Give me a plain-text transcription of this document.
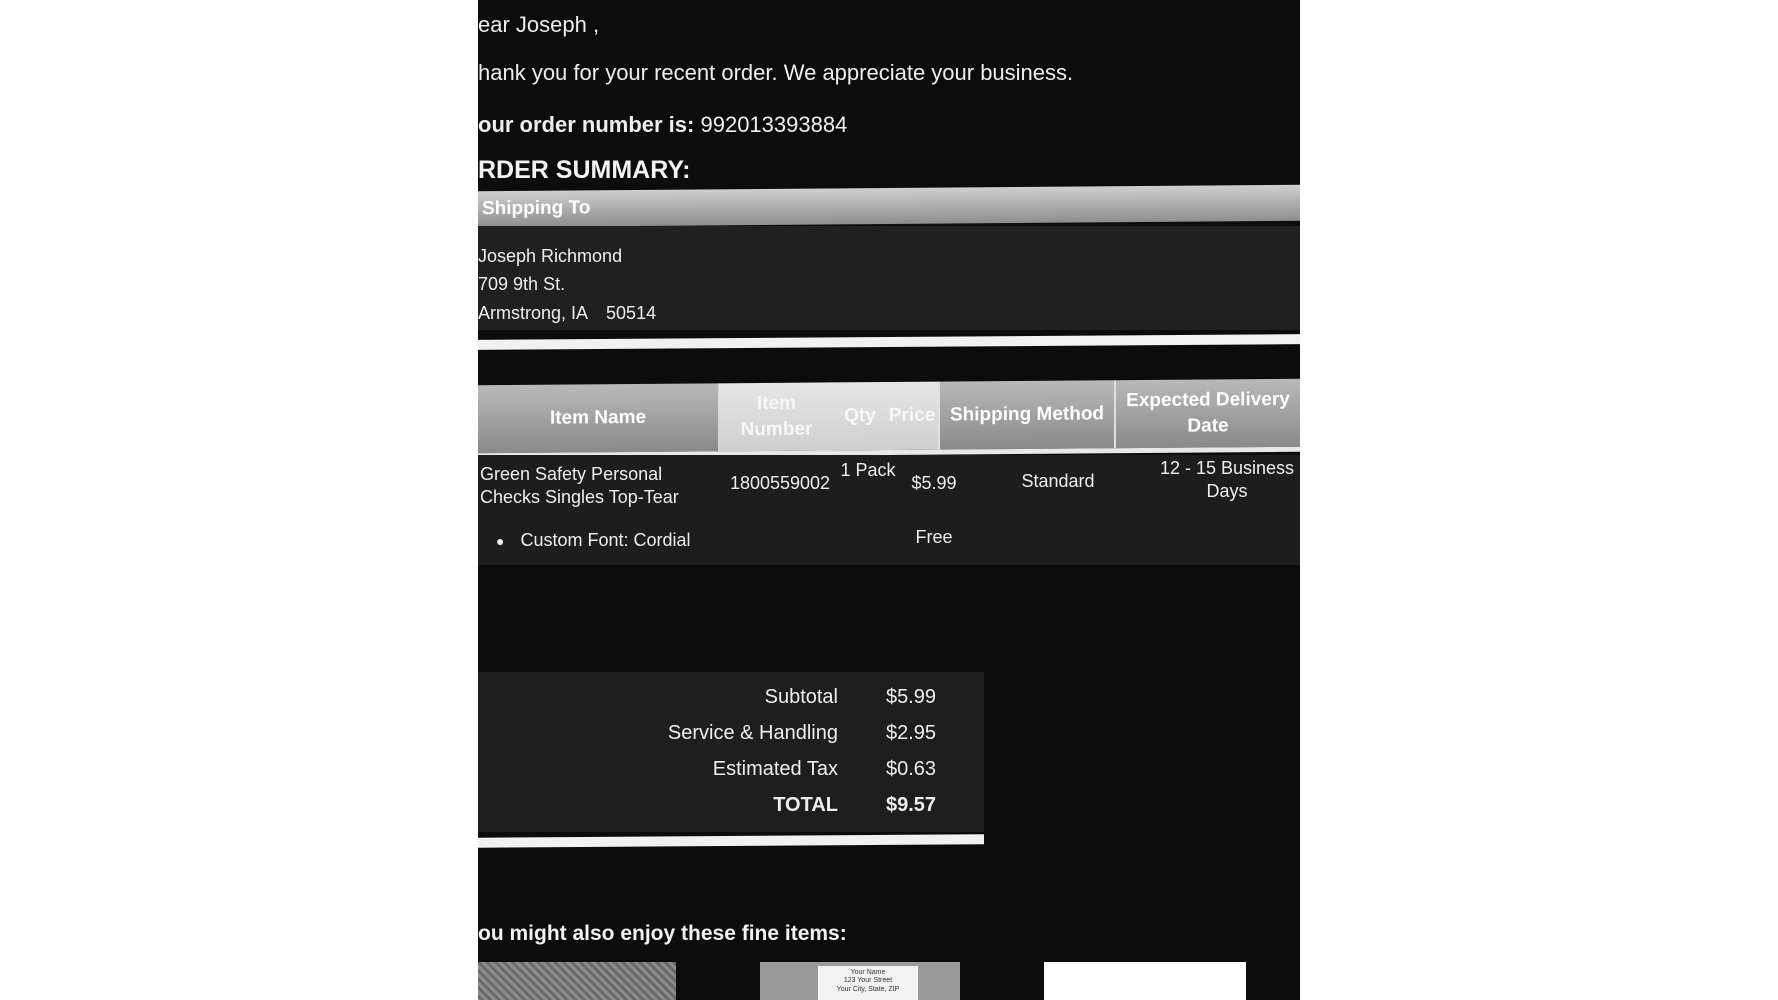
ear Joseph ,
hank you for your recent order. We appreciate your business.
our order number is: 992013393884
RDER SUMMARY:
Shipping To
Joseph Richmond
709 9th St.
Armstrong, IA 50514
Item Name
Item Number
Qty Price Shipping Method
Expected Delivery Date
Green Safety Personal Checks Singles Top-Tear
1800559002
1 Pack
$5.99	Standard
12 - 15 Business Days
● Custom Font: Cordial	Free
Subtotal $5.99
Service & Handling $2.95
Estimated Tax $0.63
TOTAL $9.57
ou might also enjoy these fine items:
Your Name
123 Your Street
Your City, State, ZIP
